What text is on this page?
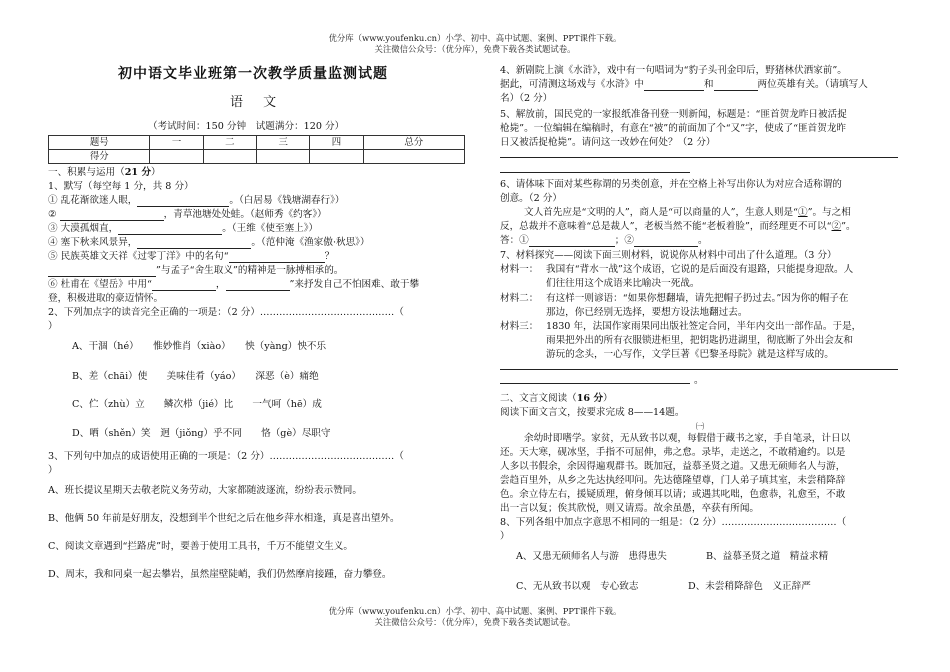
优分库（www.youfenku.cn）小学、初中、高中试题、案例、PPT课件下载。
关注微信公众号：（优分库），免费下载各类试题试卷。
优分库（www.youfenku.cn）小学、初中、高中试题、案例、PPT课件下载。
关注微信公众号：（优分库），免费下载各类试题试卷。
初中语文毕业班第一次教学质量监测试题
语 文
（考试时间：150 分钟　试题满分：120 分）
题号	一	二	三	四	总分
得分					
一、积累与运用（21 分）
1、默写（每空每 1 分，共 8 分）
① 乱花渐欲迷人眼，	。（白居易《钱塘湖春行》）
②	，青草池塘处处蛙。（赵师秀《约客》）
③ 大漠孤烟直，	。（王维《使至塞上》）
④ 塞下秋来风景异，	。（范仲淹《渔家傲·秋思》）
⑤ 民族英雄文天祥《过零丁洋》中的名句“	？
”与孟子“舍生取义”的精神是一脉搏相承的。
⑥ 杜甫在《望岳》中用“	，	”来抒发自己不怕困难、敢于攀
登，积极进取的豪迈情怀。
2、下列加点字的读音完全正确的一项是：（2 分）……………………………………（
）
A、干涸（hé）　　 惟妙惟肖（xiào）　　 怏（yàng）怏不乐
B、差（chāi）使　　 美味佳肴（yáo）　　 深恶（è）痛绝
C、伫（zhù）立　　 鳞次栉（jié）比　　 一气呵（hē）成
D、哂（shěn）笑　 迥（jiǒng）乎不同　　 恪（gè）尽职守
3、下列句中加点的成语使用正确的一项是：（2 分）…………………………………（
）
A、班长提议星期天去敬老院义务劳动，大家都随波逐流，纷纷表示赞同。
B、他俩 50 年前是好朋友，没想到半个世纪之后在他乡萍水相逢，真是喜出望外。
C、阅读文章遇到“拦路虎”时，要善于使用工具书，千万不能望文生义。
D、周末，我和同桌一起去攀岩，虽然崖壁陡峭，我们仍然摩肩接踵，奋力攀登。
4、新剧院上演《水浒》，戏中有一句唱词为“豹子头刊金印后，野猪林伏洒家前”。
据此，可清测这场戏与《水浒》中	和	两位英雄有关。（请填写人
名）（2 分）
5、解放前，国民党的一家报纸准备刊登一则新闻，标题是：“匪首贺龙昨日被活捉
枪毙”。一位编辑在编稿时，有意在“被”的前面加了个“又”字，使成了“匪首贺龙昨
日又被活捉枪毙”。请问这一改妙在何处？（2 分）
6、请体味下面对某些称谓的另类创意，并在空格上补写出你认为对应合适称谓的
创意。（2 分）
文人首先应是“文明的人”，商人是“可以商量的人”，生意人则是“①”。与之相
反，总裁并不意味着“总是裁人”，老板当然不能“老板着脸”，而经理更不可以“②”。
答：①	；②	。
7、材料探究——阅读下面三则材料，说说你从材料中司出了什么道理。（3 分）
材料一： 我国有“背水一战”这个成语，它说的是后面没有退路，只能提身迎敌。人
们往往用这个成语来比喻决一死战。
材料二： 有这样一则谚语：“如果你想翻墙，请先把帽子扔过去。”因为你的帽子在
那边，你已经别无选择，要想方设法地翻过去。
材料三： 1830 年，法国作家雨果同出版社签定合同，半年内交出一部作品。于是，
雨果把外出的所有衣服锁进柜里，把钥匙扔进湖里，彻底断了外出会友和
游玩的念头，一心写作，文学巨著《巴黎圣母院》就是这样写成的。
。
二、文言文阅读（16 分）
阅读下面文言文，按要求完成 8——14题。
㈠
余幼时即嗜学。家贫，无从致书以观，每假借于藏书之家，手自笔录，计日以
还。天大寒，砚冰坚，手指不可屈伸，弗之怠。录毕，走送之，不敢稍逾约。以是
人多以书假余，余因得遍观群书。既加冠，益慕圣贤之道。又患无硕师名人与游，
尝趋百里外，从乡之先达执经叩问。先达德隆望尊，门人弟子填其室，未尝稍降辞
色。余立侍左右，援疑质理，俯身倾耳以请；或遇其叱咄，色愈恭，礼愈至，不敢
出一言以复；俟其欣悦，则又请焉。故余虽愚，卒获有所闻。
8、下列各组中加点字意思不相同的一组是：（2 分）………………………………（
）
A、又患无硕师名人与游　患得患失	B、益慕圣贤之道　精益求精
C、无从致书以观　专心致志	D、未尝稍降辞色　义正辞严
